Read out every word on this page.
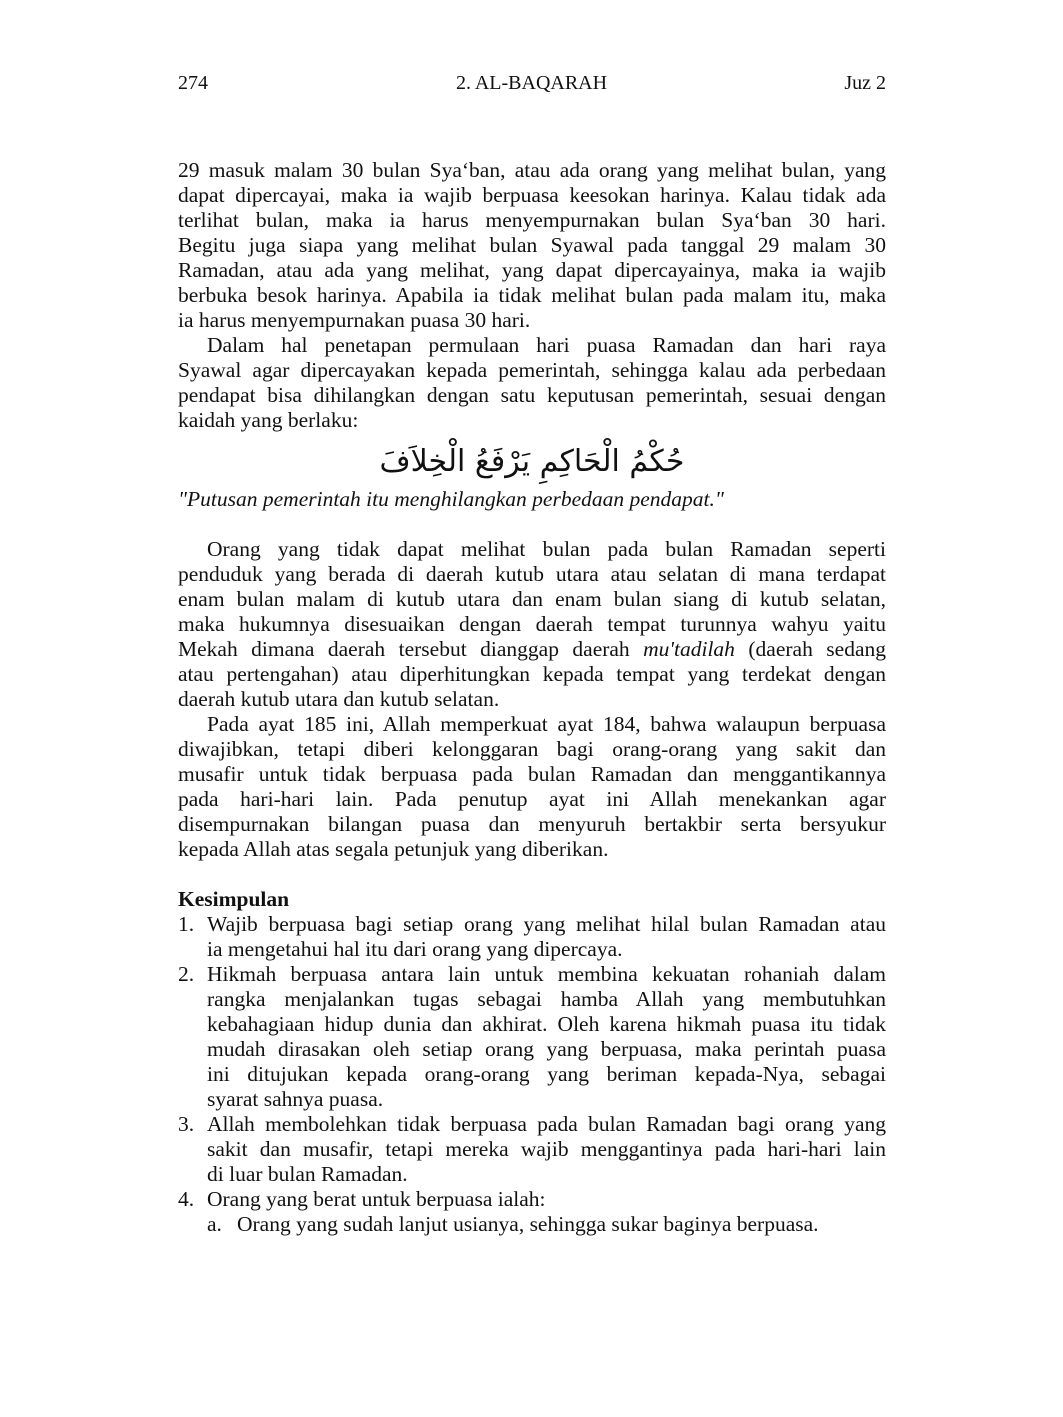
274	2. AL-BAQARAH	Juz 2
29 masuk malam 30 bulan Sya‘ban, atau ada orang yang melihat bulan, yang
dapat dipercayai, maka ia wajib berpuasa keesokan harinya. Kalau tidak ada
terlihat bulan, maka ia harus menyempurnakan bulan Sya‘ban 30 hari.
Begitu juga siapa yang melihat bulan Syawal pada tanggal 29 malam 30
Ramadan, atau ada yang melihat, yang dapat dipercayainya, maka ia wajib
berbuka besok harinya. Apabila ia tidak melihat bulan pada malam itu, maka
ia harus menyempurnakan puasa 30 hari.
Dalam hal penetapan permulaan hari puasa Ramadan dan hari raya
Syawal agar dipercayakan kepada pemerintah, sehingga kalau ada perbedaan
pendapat bisa dihilangkan dengan satu keputusan pemerintah, sesuai dengan
kaidah yang berlaku:
حُكْمُ الْحَاكِمِ يَرْفَعُ الْخِلاَفَ
"Putusan pemerintah itu menghilangkan perbedaan pendapat."
Orang yang tidak dapat melihat bulan pada bulan Ramadan seperti
penduduk yang berada di daerah kutub utara atau selatan di mana terdapat
enam bulan malam di kutub utara dan enam bulan siang di kutub selatan,
maka hukumnya disesuaikan dengan daerah tempat turunnya wahyu yaitu
Mekah dimana daerah tersebut dianggap daerah mu'tadilah (daerah sedang
atau pertengahan) atau diperhitungkan kepada tempat yang terdekat dengan
daerah kutub utara dan kutub selatan.
Pada ayat 185 ini, Allah memperkuat ayat 184, bahwa walaupun berpuasa
diwajibkan, tetapi diberi kelonggaran bagi orang-orang yang sakit dan
musafir untuk tidak berpuasa pada bulan Ramadan dan menggantikannya
pada hari-hari lain. Pada penutup ayat ini Allah menekankan agar
disempurnakan bilangan puasa dan menyuruh bertakbir serta bersyukur
kepada Allah atas segala petunjuk yang diberikan.
Kesimpulan
1. Wajib berpuasa bagi setiap orang yang melihat hilal bulan Ramadan atau
ia mengetahui hal itu dari orang yang dipercaya.
2. Hikmah berpuasa antara lain untuk membina kekuatan rohaniah dalam
rangka menjalankan tugas sebagai hamba Allah yang membutuhkan
kebahagiaan hidup dunia dan akhirat. Oleh karena hikmah puasa itu tidak
mudah dirasakan oleh setiap orang yang berpuasa, maka perintah puasa
ini ditujukan kepada orang-orang yang beriman kepada-Nya, sebagai
syarat sahnya puasa.
3. Allah membolehkan tidak berpuasa pada bulan Ramadan bagi orang yang
sakit dan musafir, tetapi mereka wajib menggantinya pada hari-hari lain
di luar bulan Ramadan.
4. Orang yang berat untuk berpuasa ialah:
a. Orang yang sudah lanjut usianya, sehingga sukar baginya berpuasa.
